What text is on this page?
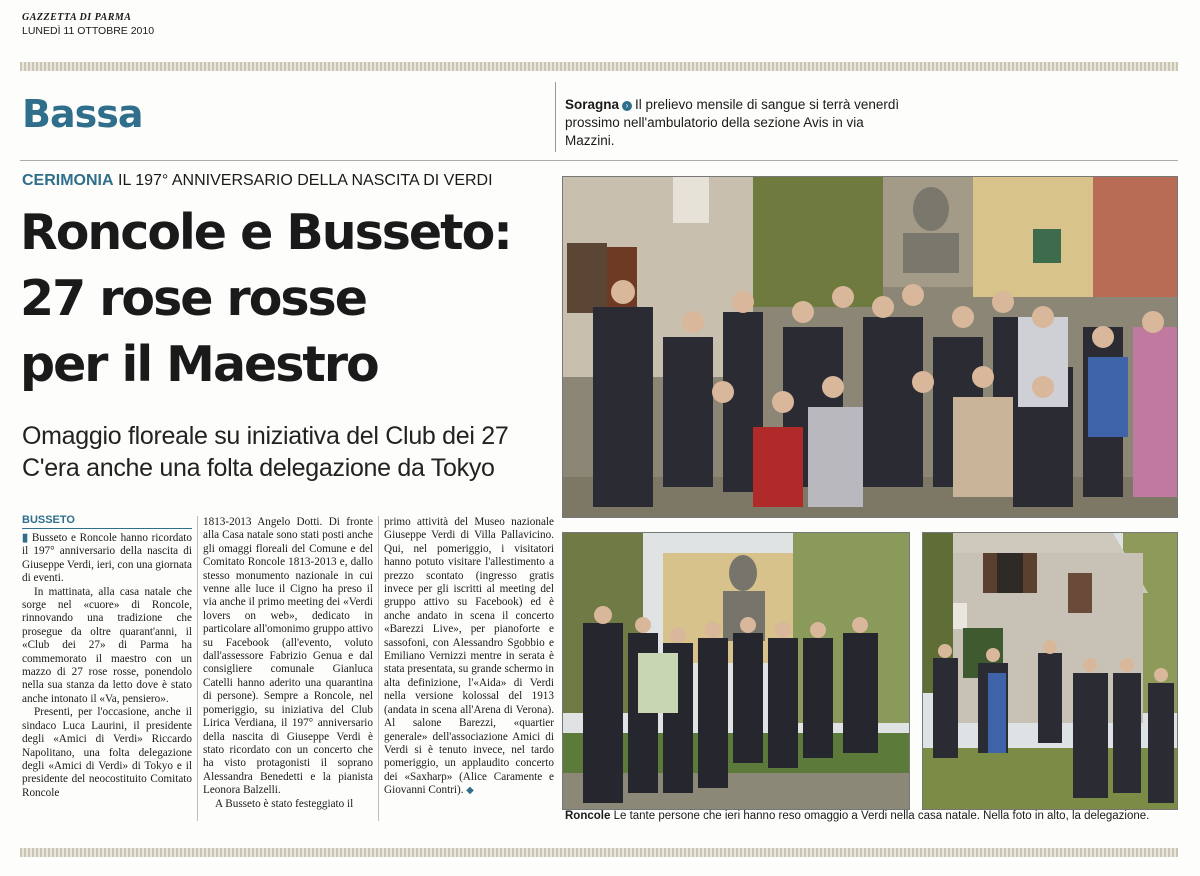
GAZZETTA DI PARMA
LUNEDÌ 11 OTTOBRE 2010
Bassa	Soragna › Il prelievo mensile di sangue si terrà venerdì prossimo nell'ambulatorio della sezione Avis in via Mazzini.
CERIMONIA IL 197° ANNIVERSARIO DELLA NASCITA DI VERDI
Roncole e Busseto:
27 rose rosse
per il Maestro
Omaggio floreale su iniziativa del Club dei 27
C'era anche una folta delegazione da Tokyo
BUSSETO

▮ Busseto e Roncole hanno ricordato il 197° anniversario della nascita di Giuseppe Verdi, ieri, con una giornata di eventi.

In mattinata, alla casa natale che sorge nel «cuore» di Roncole, rinnovando una tradizione che prosegue da oltre quarant'anni, il «Club dei 27» di Parma ha commemorato il maestro con un mazzo di 27 rose rosse, ponendolo nella sua stanza da letto dove è stato anche intonato il «Va, pensiero».

Presenti, per l'occasione, anche il sindaco Luca Laurini, il presidente degli «Amici di Verdi» Riccardo Napolitano, una folta delegazione degli «Amici di Verdi» di Tokyo e il presidente del neocostituito Comitato Roncole

1813-2013 Angelo Dotti. Di fronte alla Casa natale sono stati posti anche gli omaggi floreali del Comune e del Comitato Roncole 1813-2013 e, dallo stesso monumento nazionale in cui venne alle luce il Cigno ha preso il via anche il primo meeting dei «Verdi lovers on web», dedicato in particolare all'omonimo gruppo attivo su Facebook (all'evento, voluto dall'assessore Fabrizio Genua e dal consigliere comunale Gianluca Catelli hanno aderito una quarantina di persone). Sempre a Roncole, nel pomeriggio, su iniziativa del Club Lirica Verdiana, il 197° anniversario della nascita di Giuseppe Verdi è stato ricordato con un concerto che ha visto protagonisti il soprano Alessandra Benedetti e la pianista Leonora Balzelli.

A Busseto è stato festeggiato il

primo attività del Museo nazionale Giuseppe Verdi di Villa Pallavicino. Qui, nel pomeriggio, i visitatori hanno potuto visitare l'allestimento a prezzo scontato (ingresso gratis invece per gli iscritti al meeting del gruppo attivo su Facebook) ed è anche andato in scena il concerto «Barezzi Live», per pianoforte e sassofoni, con Alessandro Sgobbio e Emiliano Vernizzi mentre in serata è stata presentata, su grande schermo in alta definizione, l'«Aida» di Verdi nella versione kolossal del 1913 (andata in scena all'Arena di Verona). Al salone Barezzi, «quartier generale» dell'associazione Amici di Verdi si è tenuto invece, nel tardo pomeriggio, un applaudito concerto dei «Saxharp» (Alice Caramente e Giovanni Contri). ◆

Roncole Le tante persone che ieri hanno reso omaggio a Verdi nella casa natale. Nella foto in alto, la delegazione.
